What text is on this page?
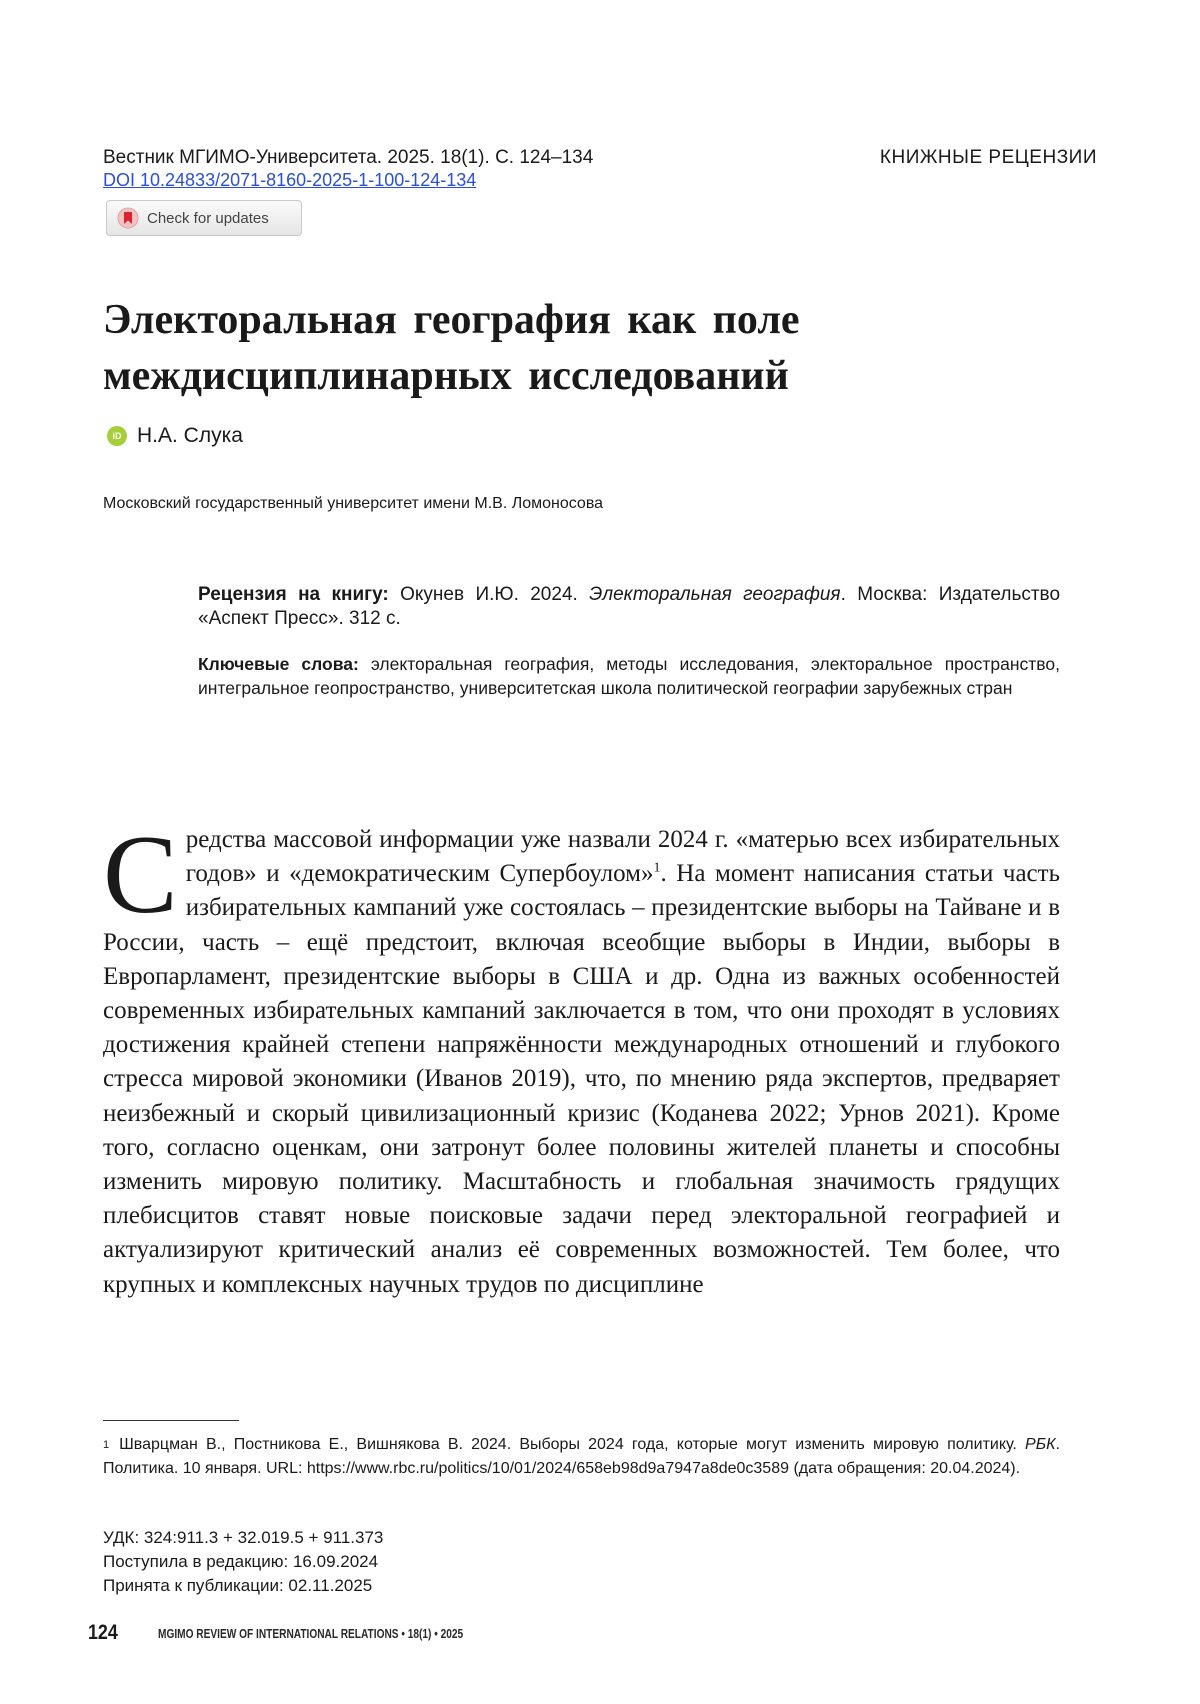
Вестник МГИМО-Университета. 2025. 18(1). С. 124–134	КНИЖНЫЕ РЕЦЕНЗИИ
DOI 10.24833/2071-8160-2025-1-100-124-134
Check for updates
Электоральная география как поле
междисциплинарных исследований
iD Н.А. Слука
Московский государственный университет имени М.В. Ломоносова
Рецензия на книгу: Окунев И.Ю. 2024. Электоральная география. Москва: Издательство «Аспект Пресс». 312 с.
Ключевые слова: электоральная география, методы исследования, электоральное пространство, интегральное геопространство, университетская школа политической географии зарубежных стран

Средства массовой информации уже назвали 2024 г. «матерью всех избирательных годов» и «демократическим Супербоулом»$^1$. На момент написания статьи часть избирательных кампаний уже состоялась – президентские выборы на Тайване и в России, часть – ещё предстоит, включая всеобщие выборы в Индии, выборы в Европарламент, президентские выборы в США и др. Одна из важных особенностей современных избирательных кампаний заключается в том, что они проходят в условиях достижения крайней степени напряжённости международных отношений и глубокого стресса мировой экономики (Иванов 2019), что, по мнению ряда экспертов, предваряет неизбежный и скорый цивилизационный кризис (Коданева 2022; Урнов 2021). Кроме того, согласно оценкам, они затронут более половины жителей планеты и способны изменить мировую политику. Масштабность и глобальная значимость грядущих плебисцитов ставят новые поисковые задачи перед электоральной географией и актуализируют критический анализ её современных возможностей. Тем более, что крупных и комплексных научных трудов по дисциплине

$^1$ Шварцман В., Постникова Е., Вишнякова В. 2024. Выборы 2024 года, которые могут изменить мировую политику. РБК. Политика. 10 января. URL: https://www.rbc.ru/politics/10/01/2024/658eb98d9a7947a8de0c3589 (дата обращения: 20.04.2024).
УДК: 324:911.3 + 32.019.5 + 911.373
Поступила в редакцию: 16.09.2024
Принята к публикации: 02.11.2025
124	MGIMO REVIEW OF INTERNATIONAL RELATIONS • 18(1) • 2025
